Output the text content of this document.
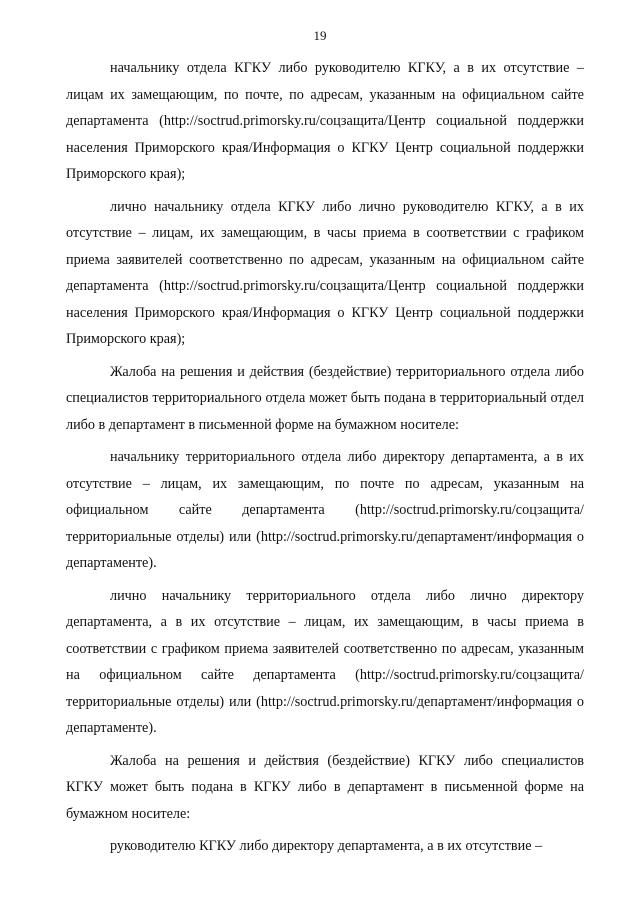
19

начальнику отдела КГКУ либо руководителю КГКУ, а в их отсутствие – лицам их замещающим, по почте, по адресам, указанным на официальном сайте департамента (http://soctrud.primorsky.ru/соцзащита/Центр социальной поддержки населения Приморского края/Информация о КГКУ Центр социальной поддержки Приморского края);

лично начальнику отдела КГКУ либо лично руководителю КГКУ, а в их отсутствие – лицам, их замещающим, в часы приема в соответствии с графиком приема заявителей соответственно по адресам, указанным на официальном сайте департамента (http://soctrud.primorsky.ru/соцзащита/Центр социальной поддержки населения Приморского края/Информация о КГКУ Центр социальной поддержки Приморского края);

Жалоба на решения и действия (бездействие) территориального отдела либо специалистов территориального отдела может быть подана в территориальный отдел либо в департамент в письменной форме на бумажном носителе:

начальнику территориального отдела либо директору департамента, а в их отсутствие – лицам, их замещающим, по почте по адресам, указанным на официальном сайте департамента (http://soctrud.primorsky.ru/соцзащита/ территориальные отделы) или (http://soctrud.primorsky.ru/департамент/информация о департаменте).

лично начальнику территориального отдела либо лично директору департамента, а в их отсутствие – лицам, их замещающим, в часы приема в соответствии с графиком приема заявителей соответственно по адресам, указанным на официальном сайте департамента (http://soctrud.primorsky.ru/соцзащита/территориальные отделы) или (http://soctrud.primorsky.ru/департамент/информация о департаменте).

Жалоба на решения и действия (бездействие) КГКУ либо специалистов КГКУ может быть подана в КГКУ либо в департамент в письменной форме на бумажном носителе:

руководителю КГКУ либо директору департамента, а в их отсутствие –
